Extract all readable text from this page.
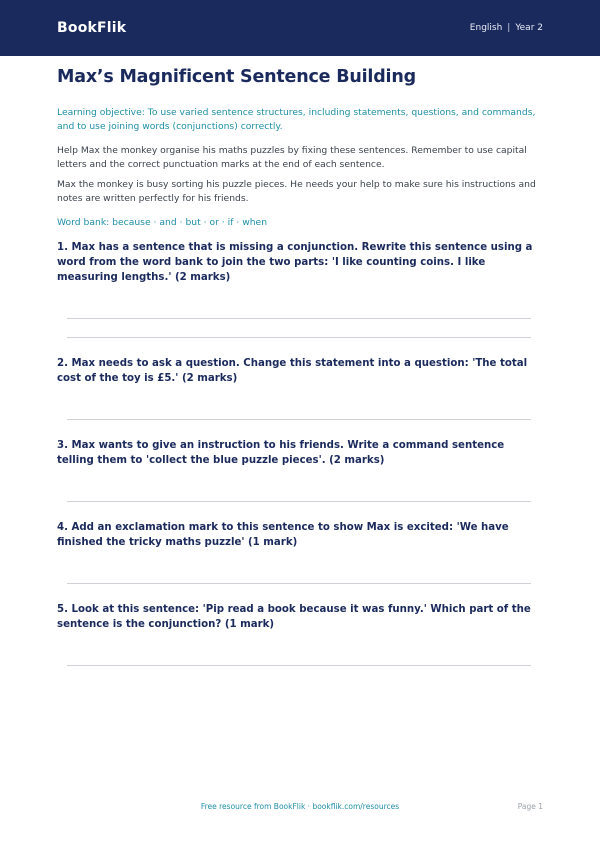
BookFlik	English | Year 2
Max’s Magnificent Sentence Building

Learning objective: To use varied sentence structures, including statements, questions, and commands, and to use joining words (conjunctions) correctly.

Help Max the monkey organise his maths puzzles by fixing these sentences. Remember to use capital letters and the correct punctuation marks at the end of each sentence.

Max the monkey is busy sorting his puzzle pieces. He needs your help to make sure his instructions and notes are written perfectly for his friends.

Word bank: because · and · but · or · if · when

1. Max has a sentence that is missing a conjunction. Rewrite this sentence using a word from the word bank to join the two parts: 'I like counting coins. I like measuring lengths.' (2 marks)

2. Max needs to ask a question. Change this statement into a question: 'The total cost of the toy is £5.' (2 marks)

3. Max wants to give an instruction to his friends. Write a command sentence telling them to 'collect the blue puzzle pieces'. (2 marks)

4. Add an exclamation mark to this sentence to show Max is excited: 'We have finished the tricky maths puzzle' (1 mark)

5. Look at this sentence: 'Pip read a book because it was funny.' Which part of the sentence is the conjunction? (1 mark)

Free resource from BookFlik · bookflik.com/resources	Page 1
